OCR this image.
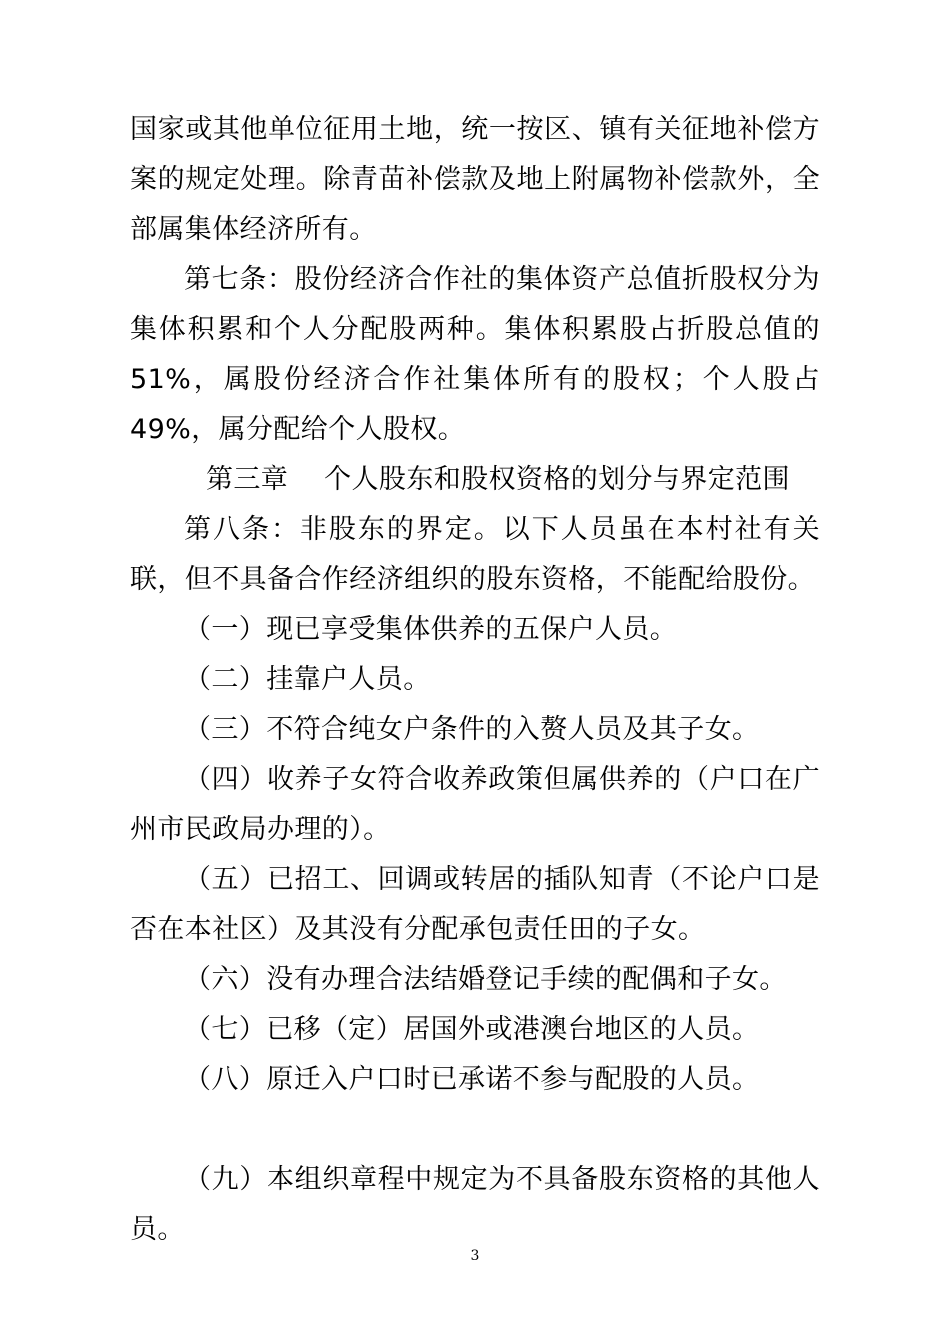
国家或其他单位征用土地，统一按区、镇有关征地补偿方案的规定处理。除青苗补偿款及地上附属物补偿款外，全部属集体经济所有。

第七条：股份经济合作社的集体资产总值折股权分为集体积累和个人分配股两种。集体积累股占折股总值的 51%，属股份经济合作社集体所有的股权；个人股占 49%，属分配给个人股权。

第三章    个人股东和股权资格的划分与界定范围

第八条：非股东的界定。以下人员虽在本村社有关联，但不具备合作经济组织的股东资格，不能配给股份。

（一）现已享受集体供养的五保户人员。

（二）挂靠户人员。

（三）不符合纯女户条件的入赘人员及其子女。

（四）收养子女符合收养政策但属供养的（户口在广州市民政局办理的）。

（五）已招工、回调或转居的插队知青（不论户口是否在本社区）及其没有分配承包责任田的子女。

（六）没有办理合法结婚登记手续的配偶和子女。

（七）已移（定）居国外或港澳台地区的人员。

（八）原迁入户口时已承诺不参与配股的人员。

（九）本组织章程中规定为不具备股东资格的其他人员。

3
